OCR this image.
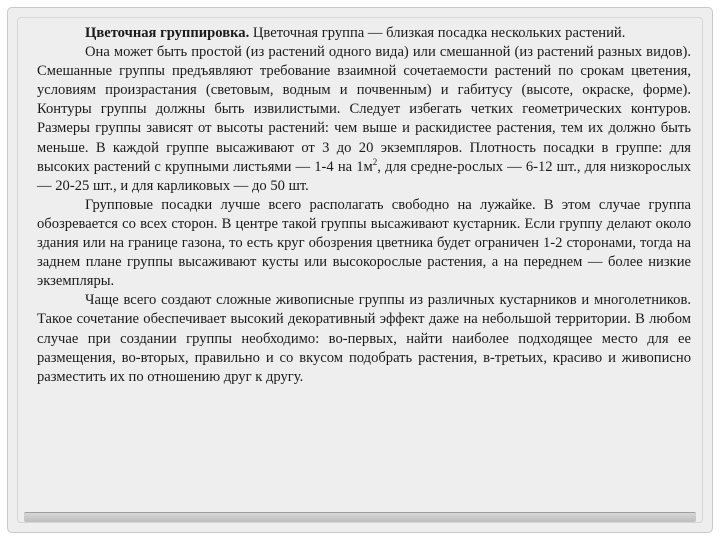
Цветочная группировка. Цветочная группа — близкая посадка нескольких растений.

Она может быть простой (из растений одного вида) или смешанной (из растений разных видов). Смешанные группы предъявляют требование взаимной сочетаемости растений по срокам цветения, условиям произрастания (световым, водным и почвенным) и габитусу (высоте, окраске, форме). Контуры группы должны быть извилистыми. Следует избегать четких геометрических контуров. Размеры группы зависят от высоты растений: чем выше и раскидистее растения, тем их должно быть меньше. В каждой группе высаживают от 3 до 20 экземпляров. Плотность посадки в группе: для высоких растений с крупными листьями — 1-4 на $1м^2$, для средне-рослых — 6-12 шт., для низкорослых — 20-25 шт., и для карликовых — до 50 шт.

Групповые посадки лучше всего располагать свободно на лужайке. В этом случае группа обозревается со всех сторон. В центре такой группы высаживают кустарник. Если группу делают около здания или на границе газона, то есть круг обозрения цветника будет ограничен 1-2 сторонами, тогда на заднем плане группы высаживают кусты или высокорослые растения, а на переднем — более низкие экземпляры.

Чаще всего создают сложные живописные группы из различных кустарников и многолетников. Такое сочетание обеспечивает высокий декоративный эффект даже на небольшой территории. В любом случае при создании группы необходимо: во-первых, найти наиболее подходящее место для ее размещения, во-вторых, правильно и со вкусом подобрать растения, в-третьих, красиво и живописно разместить их по отношению друг к другу.
